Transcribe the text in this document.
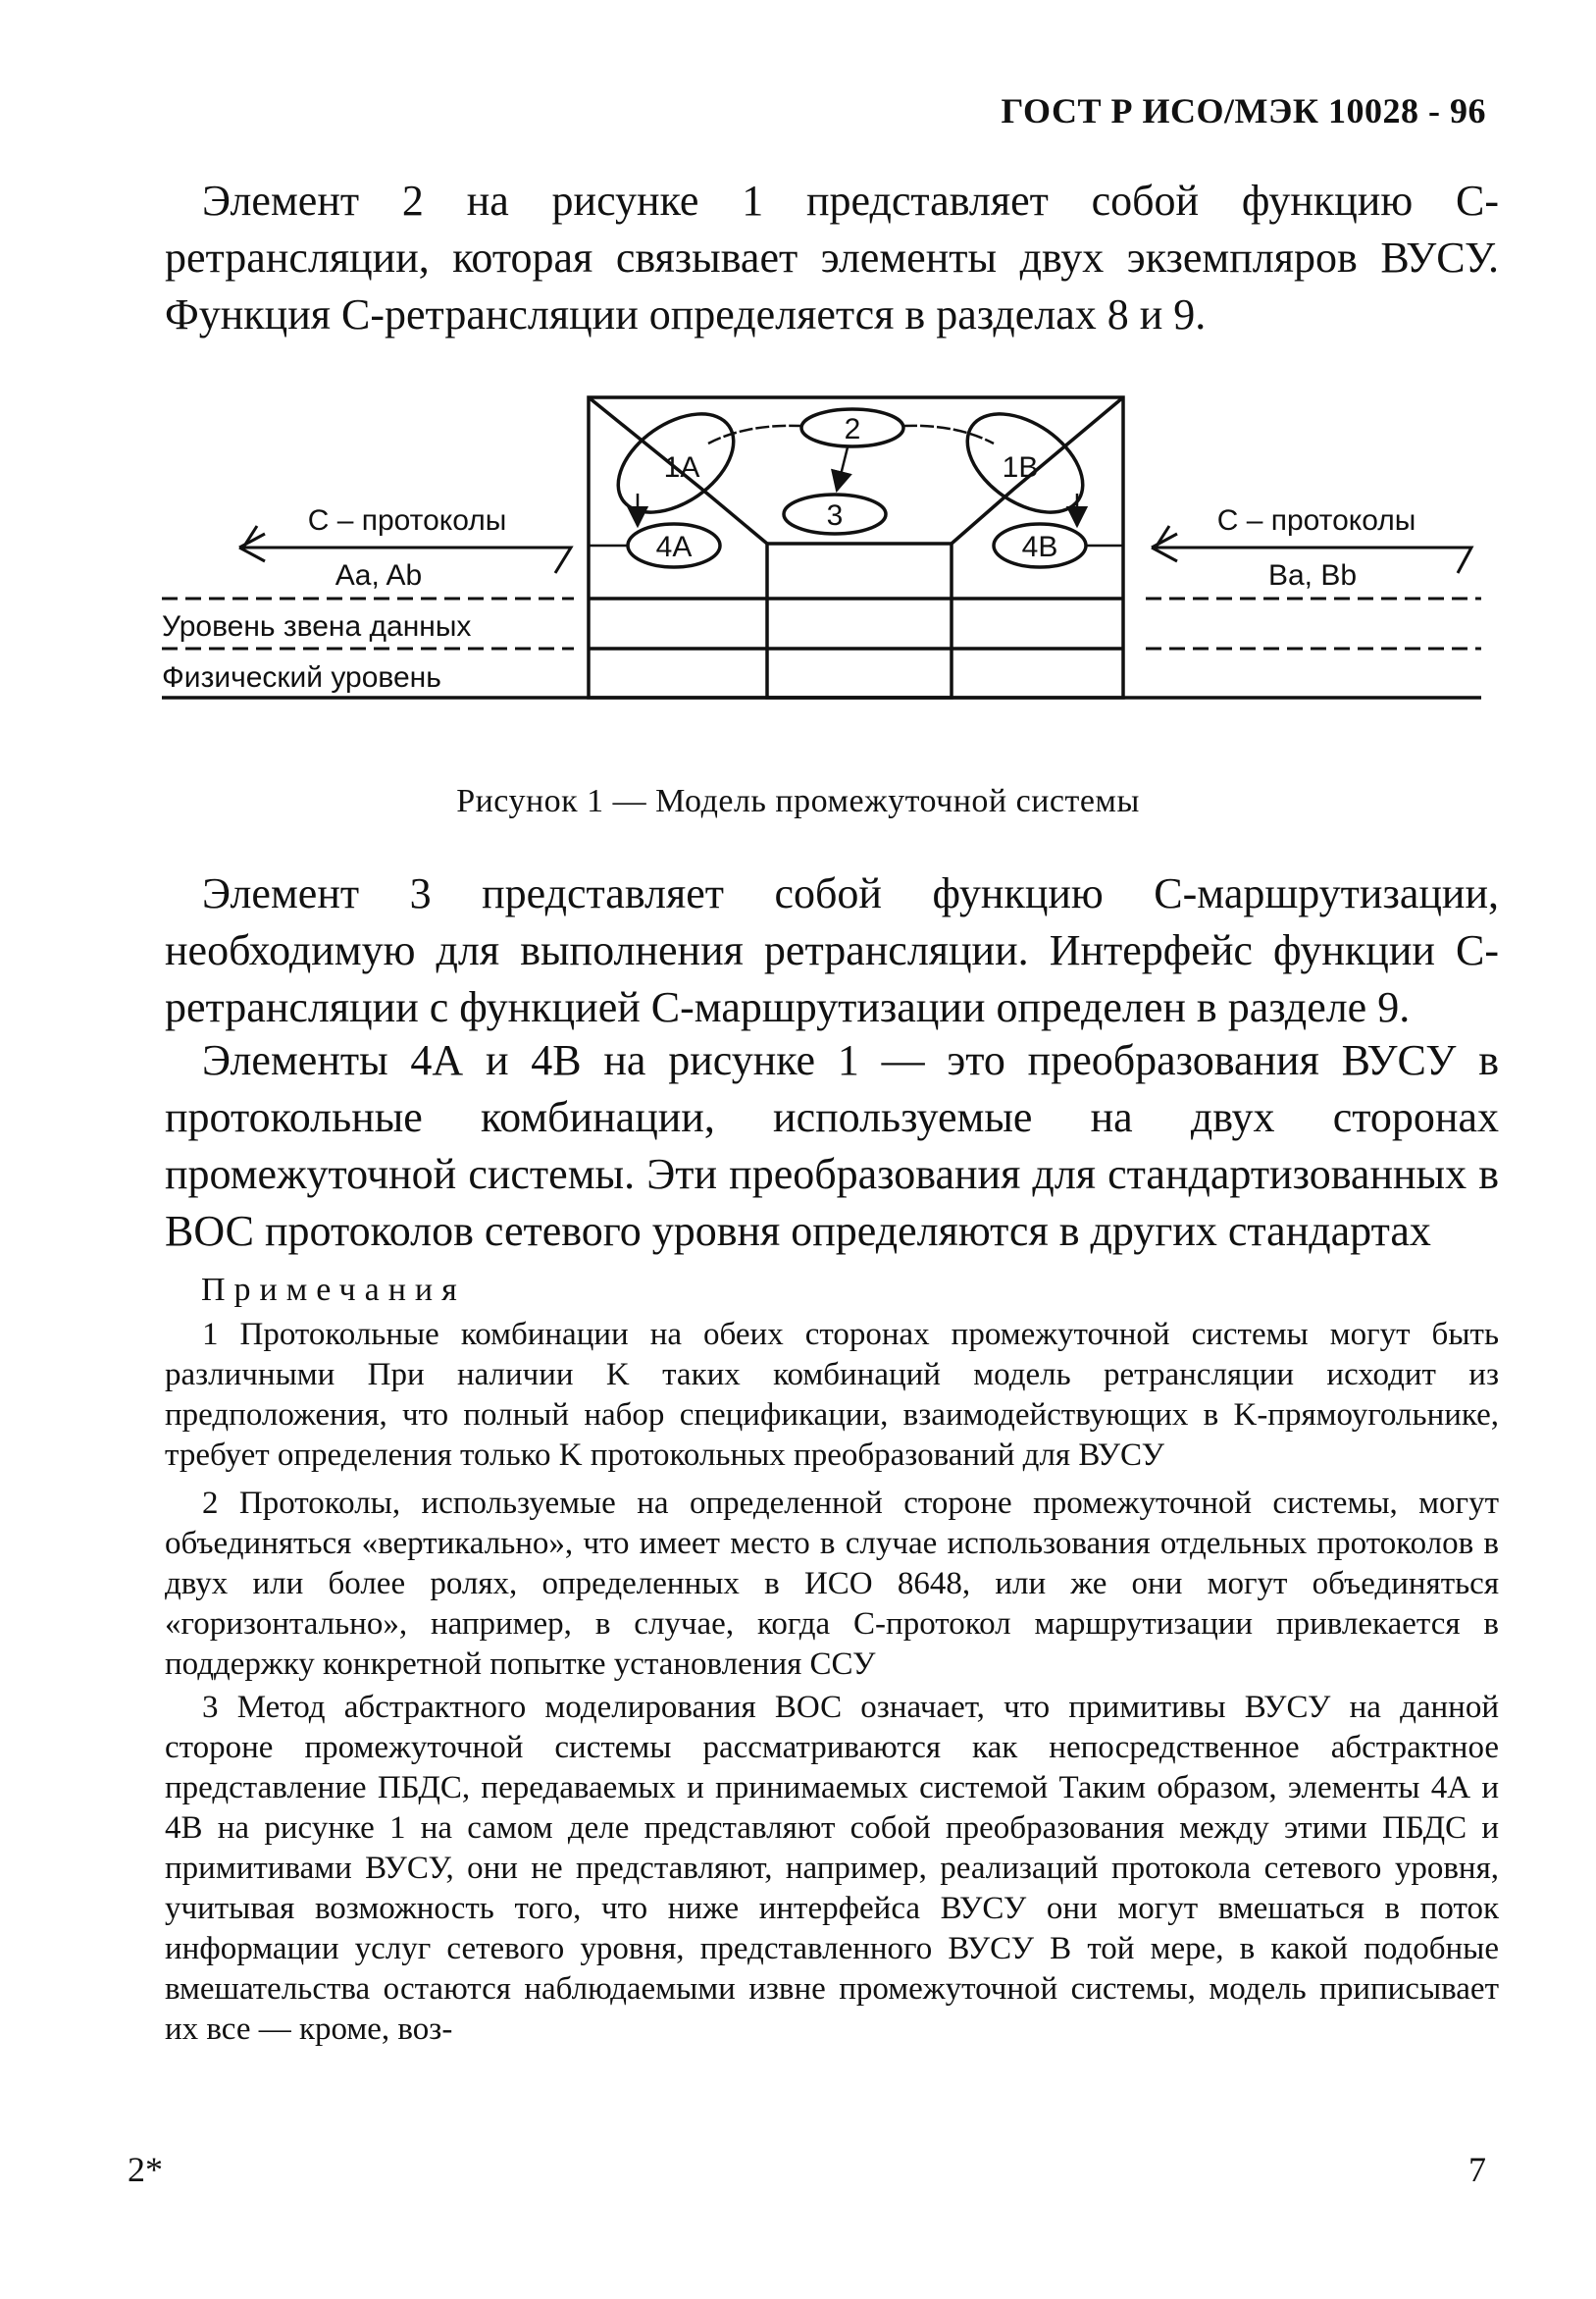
ГОСТ Р ИСО/МЭК 10028 - 96
Элемент 2 на рисунке 1 представляет собой функцию С-ретрансляции, которая связывает элементы двух экземпляров ВУСУ. Функция С-ретрансляции определяется в разделах 8 и 9.
2
3
1A	1B
4A	4B
С – протоколы
Aa, Ab
С – протоколы
Ba, Bb
Уровень звена данных
Физический уровень
Рисунок 1 — Модель промежуточной системы
Элемент 3 представляет собой функцию С-маршрутизации, необходимую для выполнения ретрансляции. Интерфейс функции С-ретрансляции с функцией С-маршрутизации определен в разделе 9.
Элементы 4А и 4В на рисунке 1 — это преобразования ВУСУ в протокольные комбинации, используемые на двух сторонах промежуточной системы. Эти преобразования для стандартизованных в ВОС протоколов сетевого уровня определяются в других стандартах
Примечания
1 Протокольные комбинации на обеих сторонах промежуточной системы могут быть различными При наличии K таких комбинаций модель ретрансляции исходит из предположения, что полный набор спецификации, взаимодействующих в K-прямоугольнике, требует определения только K протокольных преобразований для ВУСУ
2 Протоколы, используемые на определенной стороне промежуточной системы, могут объединяться «вертикально», что имеет место в случае использования отдельных протоколов в двух или более ролях, определенных в ИСО 8648, или же они могут объединяться «горизонтально», например, в случае, когда С-протокол маршрутизации привлекается в поддержку конкретной попытке установления ССУ
3 Метод абстрактного моделирования ВОС означает, что примитивы ВУСУ на данной стороне промежуточной системы рассматриваются как непосредственное абстрактное представление ПБДС, передаваемых и принимаемых системой Таким образом, элементы 4А и 4В на рисунке 1 на самом деле представляют собой преобразования между этими ПБДС и примитивами ВУСУ, они не представляют, например, реализаций протокола сетевого уровня, учитывая возможность того, что ниже интерфейса ВУСУ они могут вмешаться в поток информации услуг сетевого уровня, представленного ВУСУ В той мере, в какой подобные вмешательства остаются наблюдаемыми извне промежуточной системы, модель приписывает их все — кроме, воз-
2*	7
